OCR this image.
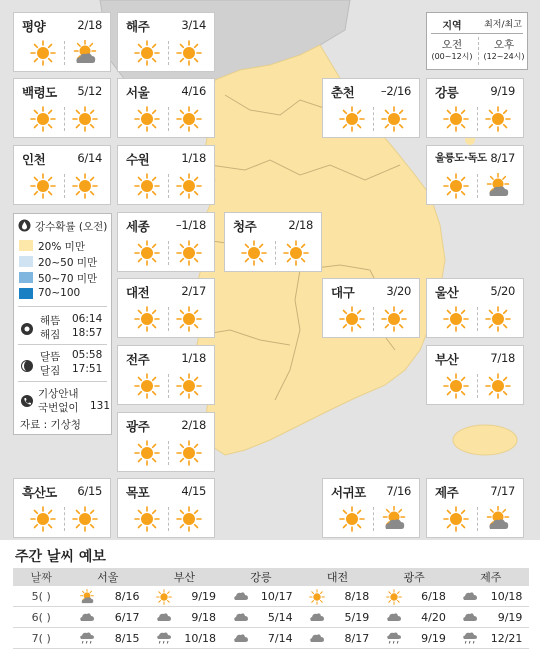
지역	최저/최고
오전
(00~12시)
오후
(12~24시)
평양	2/18 해주	3/14
백령도 5/12 서울	4/16	춘천 –2/16 강릉	9/19
인천	6/14 수원	1/18	울릉도·독도 8/17
세종 –1/18 청주	2/18
대전	2/17	대구	3/20 울산	5/20
전주	1/18	부산	7/18
광주	2/18
흑산도 6/15 목포	4/15	서귀포 7/16 제주	7/17
강수확률 (오전)
20% 미만
20~50 미만
50~70 미만
70~100
해뜸 06:14
해짐 18:57
달뜸 05:58
달짐 17:51
기상안내
국번없이 131
자료 : 기상청
주간 날씨 예보
날짜	서울	부산	강릉	대전	광주	제주
5( )	8/16	9/19	10/17	8/18	6/18	10/18
6( )	6/17	9/18	5/14	5/19	4/20	9/19
7( )	8/15	10/18	7/14	8/17	9/19	12/21
